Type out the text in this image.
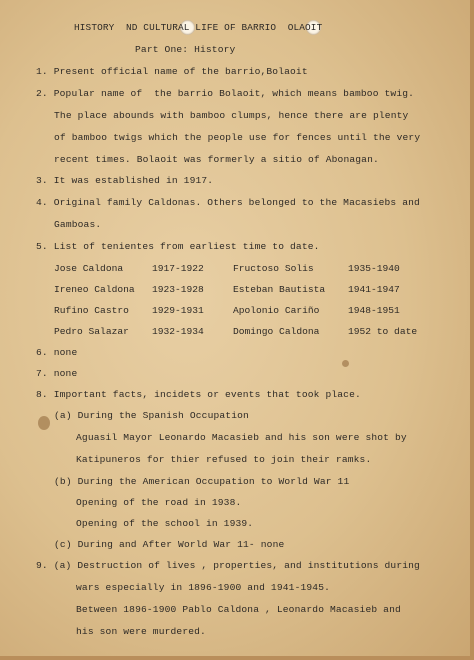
HISTORY  ND CULTURAL LIFE OF BARRIO  OLAOIT
Part One: History
1. Present official name of the barrio,Bolaoit
2. Popular name of  the barrio Bolaoit, which means bamboo twig.
The place abounds with bamboo clumps, hence there are plenty
of bamboo twigs which the people use for fences until the very
recent times. Bolaoit was formerly a sitio of Abonagan.
3. It was established in 1917.
4. Original family Caldonas. Others belonged to the Macasiebs and
Gamboas.
5. List of tenientes from earliest time to date.
Jose Caldona	1917-1922	Fructoso Solis	1935-1940
Ireneo Caldona 1923-1928	Esteban Bautista 1941-1947
Rufino Castro 1929-1931	Apolonio Cariño	1948-1951
Pedro Salazar 1932-1934	Domingo Caldona	1952 to date
6. none
7. none
8. Important facts, incidets or events that took place.
(a) During the Spanish Occupation
Aguasil Mayor Leonardo Macasieb and his son were shot by
Katipuneros for thier refused to join their ramks.
(b) During the American Occupation to World War 11
Opening of the road in 1938.
Opening of the school in 1939.
(c) During and After World War 11- none
9. (a) Destruction of lives , properties, and institutions during
wars especially in 1896-1900 and 1941-1945.
Between 1896-1900 Pablo Caldona , Leonardo Macasieb and
his son were murdered.
